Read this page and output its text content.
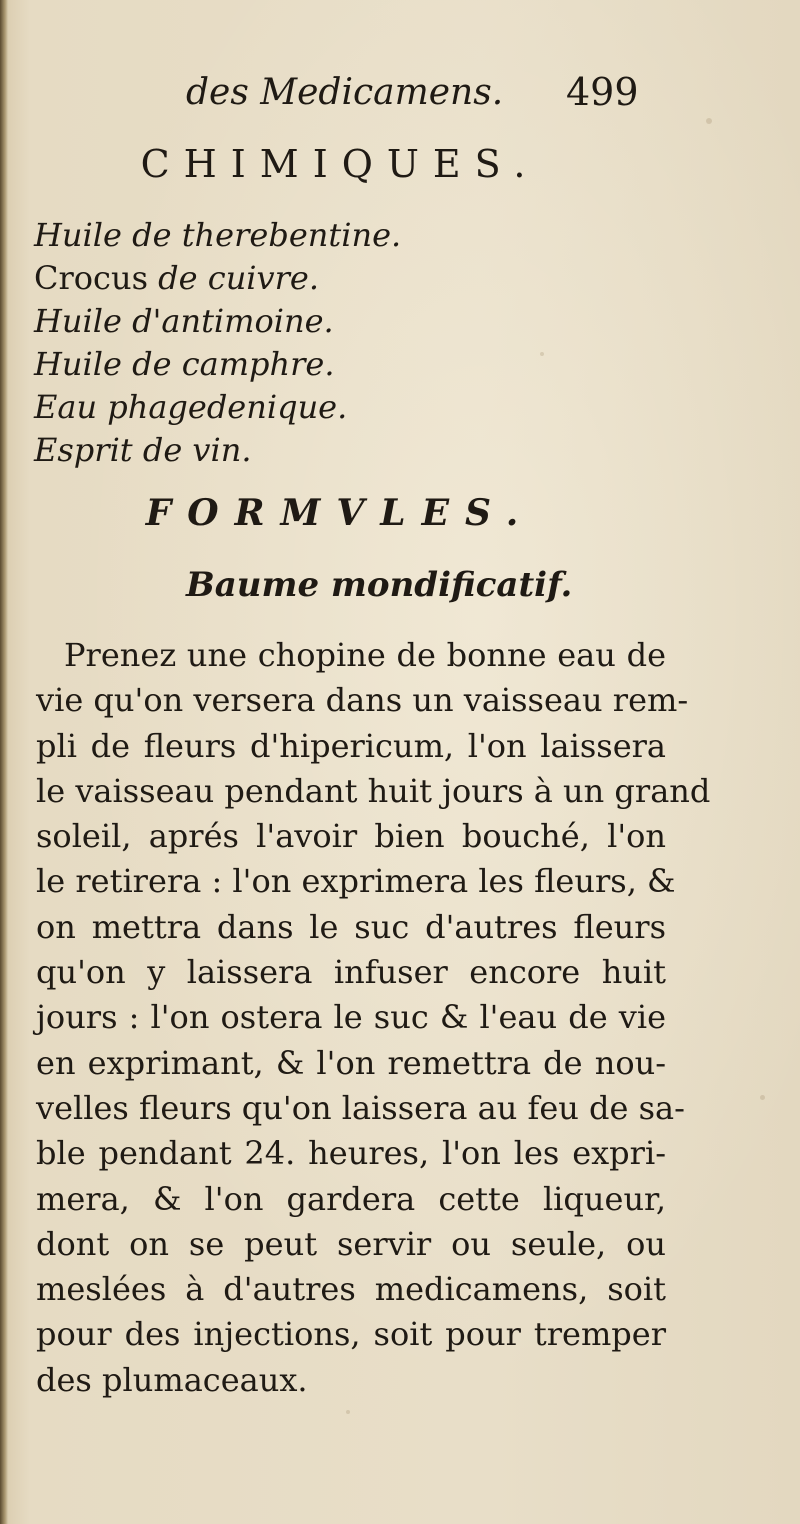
des Medicamens. 499
CHIMIQUES.
Huile de therebentine.
Crocus de cuivre.
Huile d'antimoine.
Huile de camphre.
Eau phagedenique.
Esprit de vin.
FORMVLES.
Baume mondificatif.
Prenez une chopine de bonne eau de
vie qu'on versera dans un vaisseau rem-
pli de fleurs d'hipericum, l'on laissera
le vaisseau pendant huit jours à un grand
soleil, aprés l'avoir bien bouché, l'on
le retirera : l'on exprimera les fleurs, &
on mettra dans le suc d'autres fleurs
qu'on y laissera infuser encore huit
jours : l'on ostera le suc & l'eau de vie
en exprimant, & l'on remettra de nou-
velles fleurs qu'on laissera au feu de sa-
ble pendant 24. heures, l'on les expri-
mera, & l'on gardera cette liqueur,
dont on se peut servir ou seule, ou
meslées à d'autres medicamens, soit
pour des injections, soit pour tremper
des plumaceaux.
